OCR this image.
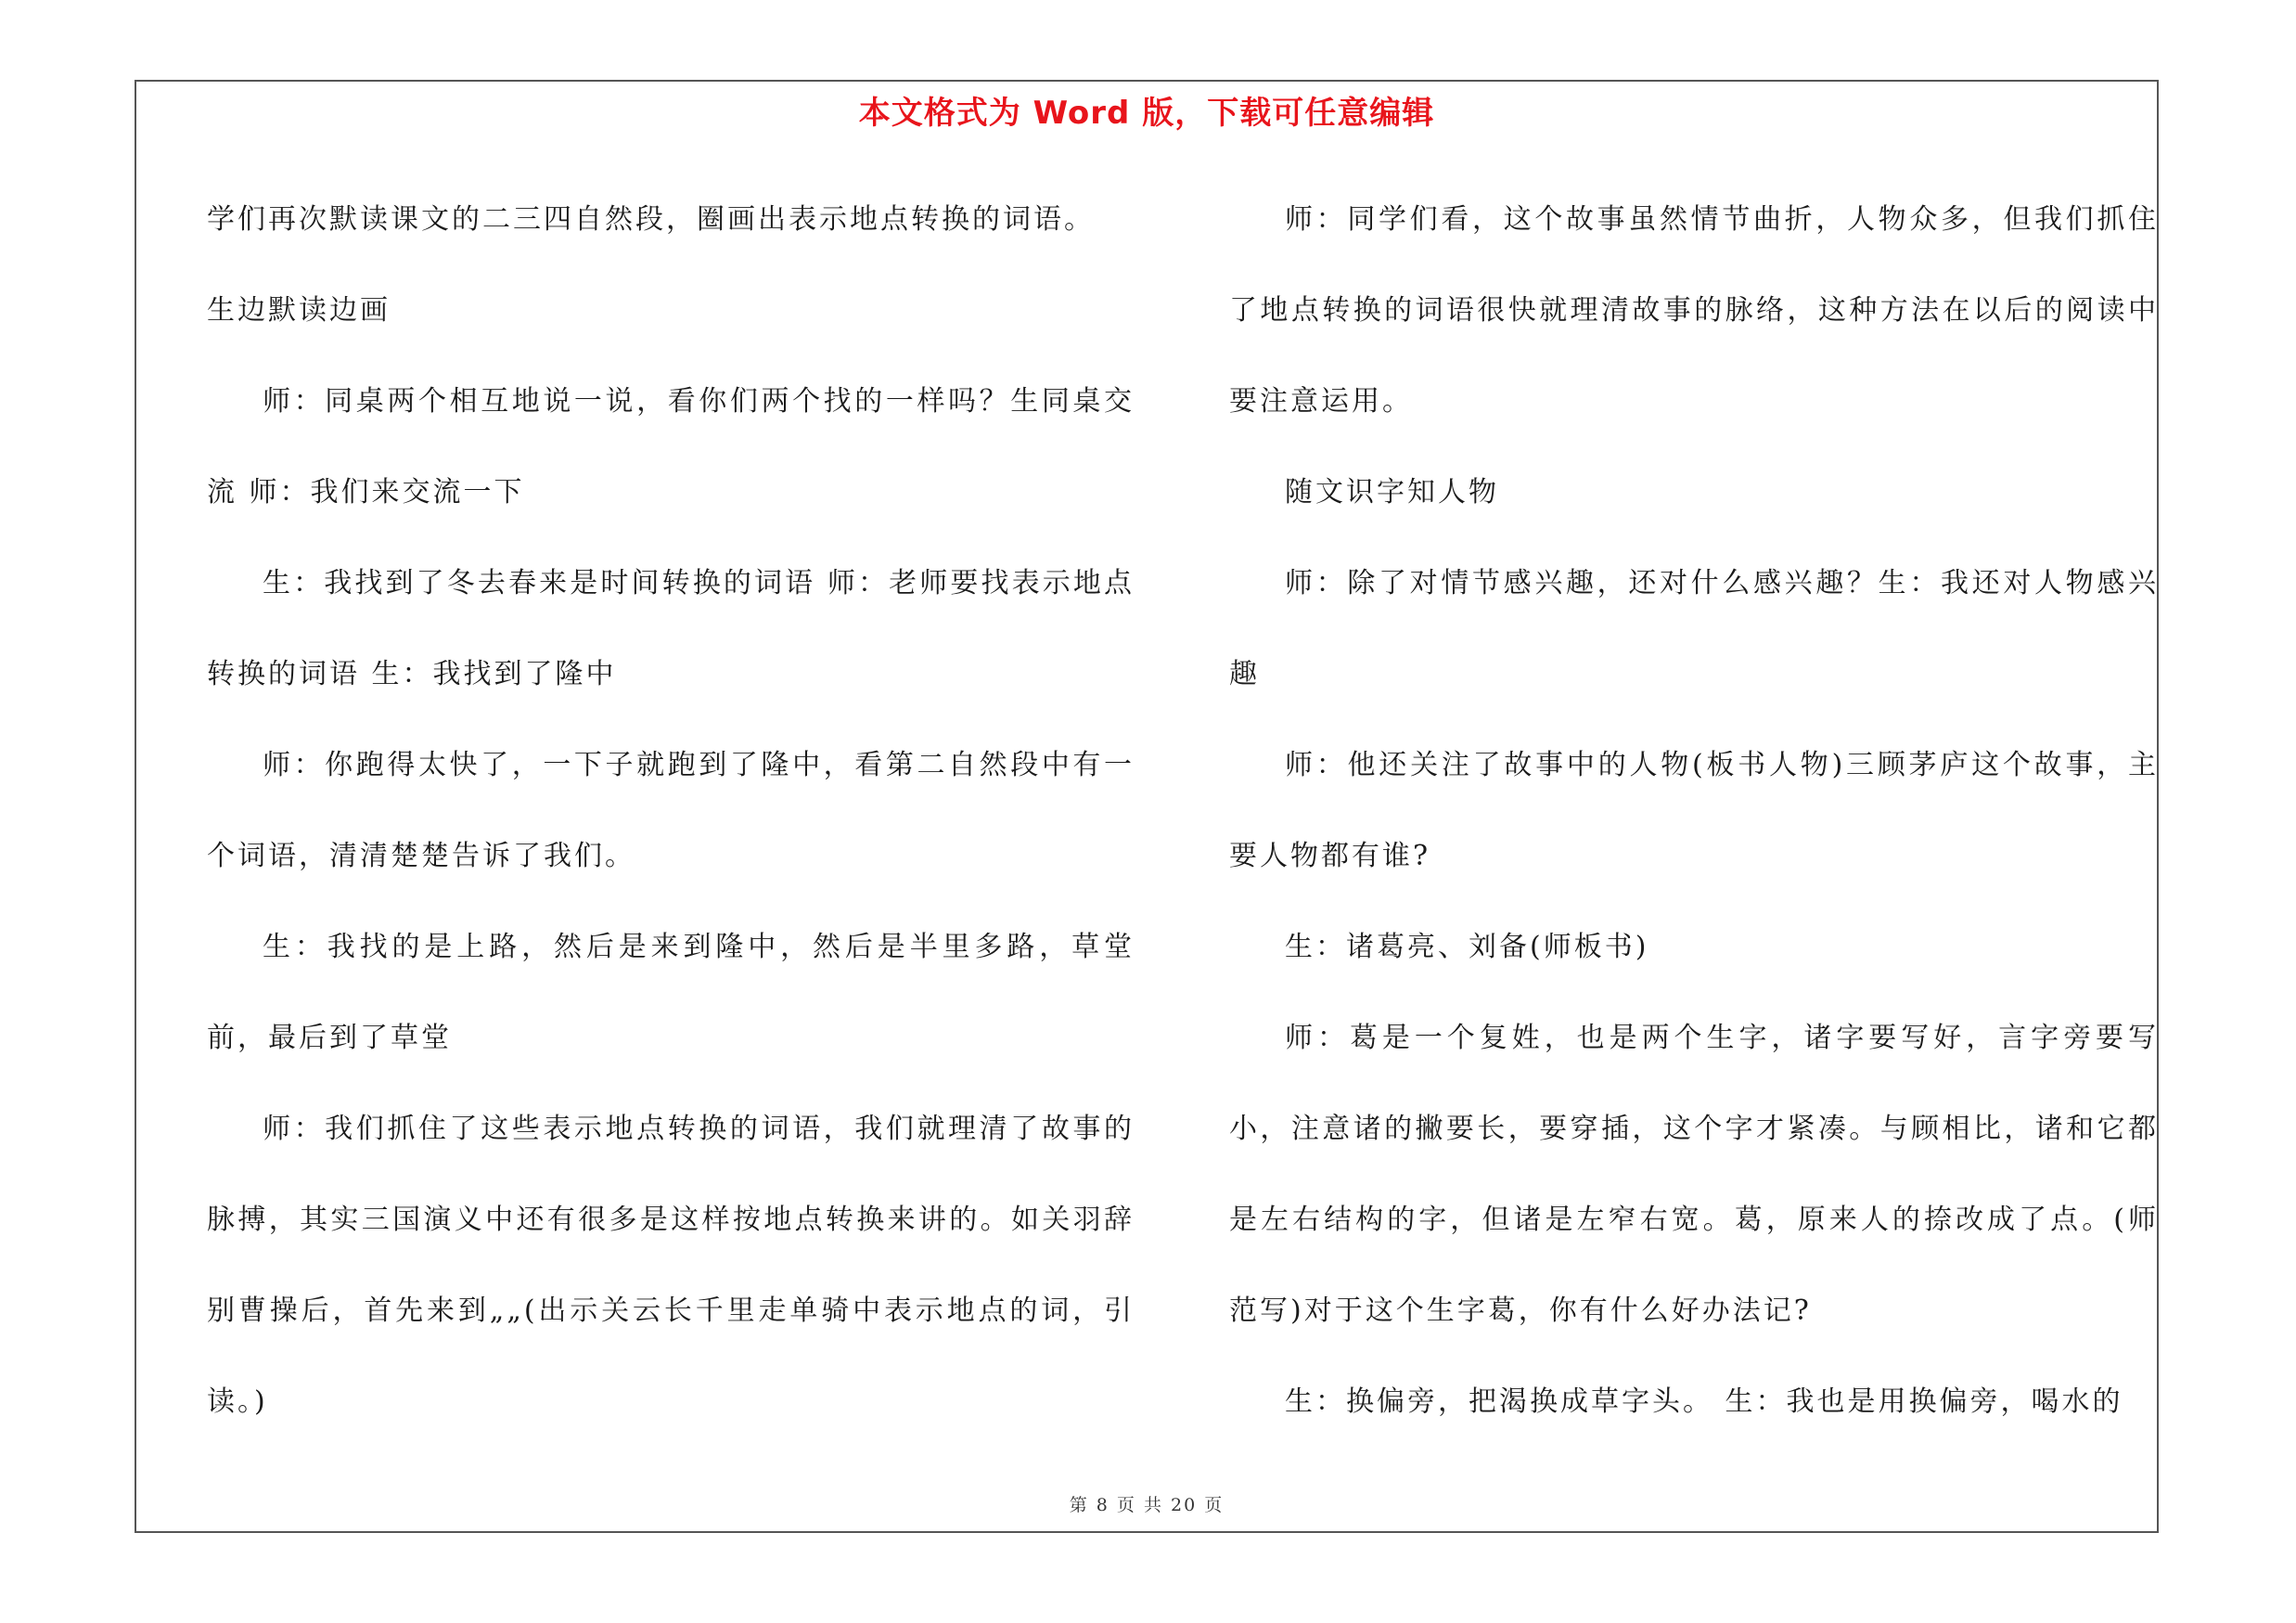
本文格式为 Word 版，下载可任意编辑

学们再次默读课文的二三四自然段，圈画出表示地点转换的词语。

生边默读边画

师：同桌两个相互地说一说，看你们两个找的一样吗？生同桌交流 师：我们来交流一下

生：我找到了冬去春来是时间转换的词语 师：老师要找表示地点转换的词语 生：我找到了隆中

师：你跑得太快了，一下子就跑到了隆中，看第二自然段中有一个词语，清清楚楚告诉了我们。

生：我找的是上路，然后是来到隆中，然后是半里多路，草堂前，最后到了草堂

师：我们抓住了这些表示地点转换的词语，我们就理清了故事的脉搏，其实三国演义中还有很多是这样按地点转换来讲的。如关羽辞别曹操后，首先来到„„(出示关云长千里走单骑中表示地点的词，引读。)

师：同学们看，这个故事虽然情节曲折，人物众多，但我们抓住了地点转换的词语很快就理清故事的脉络，这种方法在以后的阅读中要注意运用。

随文识字知人物

师：除了对情节感兴趣，还对什么感兴趣？生：我还对人物感兴趣

师：他还关注了故事中的人物(板书人物)三顾茅庐这个故事，主要人物都有谁?

生：诸葛亮、刘备(师板书)

师：葛是一个复姓，也是两个生字，诸字要写好，言字旁要写小，注意诸的撇要长，要穿插，这个字才紧凑。与顾相比，诸和它都是左右结构的字，但诸是左窄右宽。葛，原来人的捺改成了点。(师范写)对于这个生字葛，你有什么好办法记?

生：换偏旁，把渴换成草字头。 生：我也是用换偏旁，喝水的

第 8 页 共 20 页
